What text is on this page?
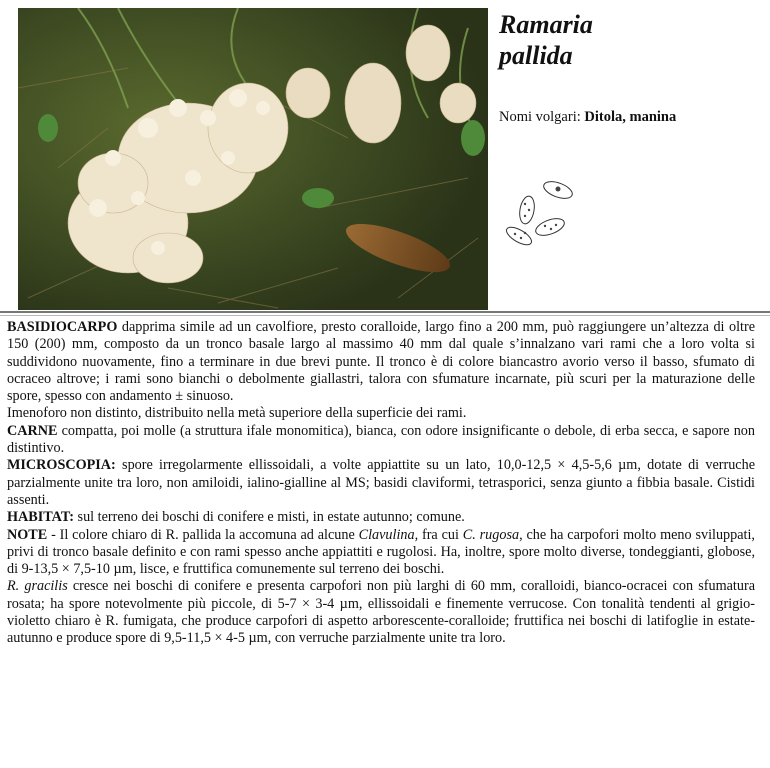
Ramaria
pallida
Nomi volgari: Ditola, manina

BASIDIOCARPO dapprima simile ad un cavolfiore, presto coralloide, largo fino a 200 mm, può raggiungere un’altezza di oltre 150 (200) mm, composto da un tronco basale largo al massimo 40 mm dal quale s’innalzano vari rami che a loro volta si suddividono nuovamente, fino a terminare in due brevi punte. Il tronco è di colore biancastro avorio verso il basso, sfumato di ocraceo altrove; i rami sono bianchi o debolmente giallastri, talora con sfumature incarnate, più scuri per la maturazione delle spore, spesso con andamento ± sinuoso.

Imenoforo non distinto, distribuito nella metà superiore della superficie dei rami.

CARNE compatta, poi molle (a struttura ifale monomitica), bianca, con odore insignificante o debole, di erba secca, e sapore non distintivo.

MICROSCOPIA: spore irregolarmente ellissoidali, a volte appiattite su un lato, 10,0-12,5 × 4,5-5,6 µm, dotate di verruche parzialmente unite tra loro, non amiloidi, ialino-gialline al MS; basidi claviformi, tetrasporici, senza giunto a fibbia basale. Cistidi assenti.

HABITAT: sul terreno dei boschi di conifere e misti, in estate autunno; comune.

NOTE - Il colore chiaro di R. pallida la accomuna ad alcune Clavulina, fra cui C. rugosa, che ha carpofori molto meno sviluppati, privi di tronco basale definito e con rami spesso anche appiattiti e rugolosi. Ha, inoltre, spore molto diverse, tondeggianti, globose, di 9-13,5 × 7,5-10 µm, lisce, e fruttifica comunemente sul terreno dei boschi.

R. gracilis cresce nei boschi di conifere e presenta carpofori non più larghi di 60 mm, coralloidi, bianco-ocracei con sfumatura rosata; ha spore notevolmente più piccole, di 5-7 × 3-4 µm, ellissoidali e finemente verrucose. Con tonalità tendenti al grigio-violetto chiaro è R. fumigata, che produce carpofori di aspetto arborescente-coralloide; fruttifica nei boschi di latifoglie in estate-autunno e produce spore di 9,5-11,5 × 4-5 µm, con verruche parzialmente unite tra loro.
